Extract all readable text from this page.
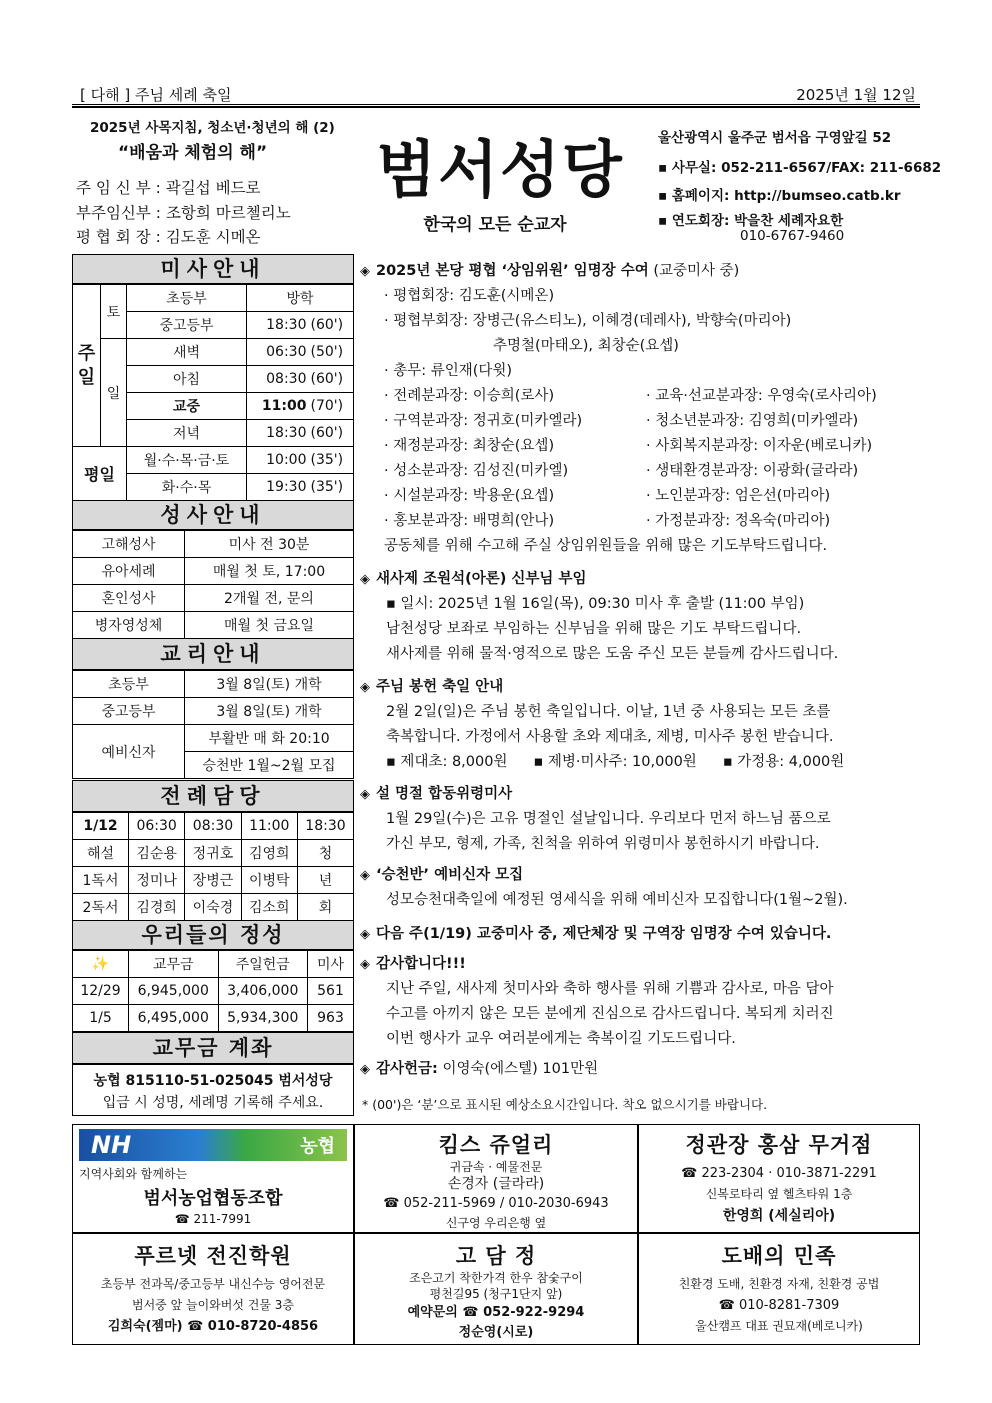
[ 다해 ] 주님 세례 축일	2025년 1월 12일
2025년 사목지침, 청소년·청년의 해 (2)
“배움과 체험의 해”
주 임 신 부 : 곽길섭 베드로
부주임신부 : 조항희 마르첼리노
평 협 회 장 : 김도훈 시메온
범서성당
한국의 모든 순교자
울산광역시 울주군 범서읍 구영앞길 52
▪ 사무실: 052-211-6567/FAX: 211-6682
▪ 홈페이지: http://bumseo.catb.kr
▪ 연도회장: 박을찬 세례자요한
010-6767-9460
미사안내
주일	토	초등부	방학	
		중고등부	18:30	(60')
	일	새벽	06:30	(50')
		아침	08:30	(60')
		교중	11:00	(70')
		저녁	18:30	(60')
평일		월·수·목·금·토	10:00	(35')
		화·수·목	19:30	(35')
성사안내
고해성사	미사 전 30분
유아세례	매월 첫 토, 17:00
혼인성사	2개월 전, 문의
병자영성체	매월 첫 금요일
교리안내
초등부	3월 8일(토) 개학
중고등부	3월 8일(토) 개학
예비신자	부활반 매 화 20:10
	승천반 1월~2월 모집
전례담당
1/12	06:30	08:30	11:00	18:30
해설	김순용	정귀호	김영희	청
1독서	정미나	장병근	이병탁	년
2독서	김경희	이숙경	김소희	회
우리들의 정성
✨	교무금	주일헌금	미사
12/29	6,945,000	3,406,000	561
1/5	6,495,000	5,934,300	963
교무금 계좌
농협 815110-51-025045 범서성당
입금 시 성명, 세례명 기록해 주세요.
◈ 2025년 본당 평협 ‘상임위원’ 임명장 수여 (교중미사 중)
· 평협회장: 김도훈(시메온)
· 평협부회장: 장병근(유스티노), 이혜경(데레사), 박향숙(마리아)
추명철(마태오), 최창순(요셉)
· 총무: 류인재(다윗)
· 전례분과장: 이승희(로사)
· 구역분과장: 정귀호(미카엘라)
· 재정분과장: 최창순(요셉)
· 성소분과장: 김성진(미카엘)
· 시설분과장: 박용운(요셉)
· 홍보분과장: 배명희(안나)
· 교육·선교분과장: 우영숙(로사리아)
· 청소년분과장: 김영희(미카엘라)
· 사회복지분과장: 이자운(베로니카)
· 생태환경분과장: 이광화(글라라)
· 노인분과장: 엄은선(마리아)
· 가정분과장: 정옥숙(마리아)
공동체를 위해 수고해 주실 상임위원들을 위해 많은 기도부탁드립니다.
◈ 새사제 조원석(아론) 신부님 부임
▪ 일시: 2025년 1월 16일(목), 09:30 미사 후 출발 (11:00 부임)
남천성당 보좌로 부임하는 신부님을 위해 많은 기도 부탁드립니다.
새사제를 위해 물적·영적으로 많은 도움 주신 모든 분들께 감사드립니다.
◈ 주님 봉헌 축일 안내
2월 2일(일)은 주님 봉헌 축일입니다. 이날, 1년 중 사용되는 모든 초를
축복합니다. 가정에서 사용할 초와 제대초, 제병, 미사주 봉헌 받습니다.
▪ 제대초: 8,000원 ▪ 제병·미사주: 10,000원 ▪ 가정용: 4,000원
◈ 설 명절 합동위령미사
1월 29일(수)은 고유 명절인 설날입니다. 우리보다 먼저 하느님 품으로
가신 부모, 형제, 가족, 친척을 위하여 위령미사 봉헌하시기 바랍니다.
◈ ‘승천반’ 예비신자 모집
성모승천대축일에 예정된 영세식을 위해 예비신자 모집합니다(1월~2월).
◈ 다음 주(1/19) 교중미사 중, 제단체장 및 구역장 임명장 수여 있습니다.
◈ 감사합니다!!!
지난 주일, 새사제 첫미사와 축하 행사를 위해 기쁨과 감사로, 마음 담아
수고를 아끼지 않은 모든 분에게 진심으로 감사드립니다. 복되게 치러진
이번 행사가 교우 여러분에게는 축복이길 기도드립니다.
◈ 감사헌금: 이영숙(에스텔) 101만원
* (00')은 ‘분’으로 표시된 예상소요시간입니다. 착오 없으시기를 바랍니다.
NH	농협
지역사회와 함께하는
범서농업협동조합
☎ 211-7991
킴스 쥬얼리
귀금속 · 예물전문
손경자 (글라라)
☎ 052-211-5969 / 010-2030-6943
신구영 우리은행 옆
정관장 홍삼 무거점
☎ 223-2304 · 010-3871-2291
신복로타리 옆 헬츠타워 1층
한영희 (세실리아)
푸르넷 전진학원
초등부 전과목/중고등부 내신수능 영어전문
범서중 앞 늘이와버섯 건물 3층
김희숙(젬마) ☎ 010-8720-4856
고 담 정
조은고기 착한가격 한우 참숯구이
평천길95 (청구1단지 앞)
예약문의 ☎ 052-922-9294
정순영(시로)
도배의 민족
친환경 도배, 친환경 자재, 친환경 공법
☎ 010-8281-7309
울산캠프 대표 권묘재(베로니카)
